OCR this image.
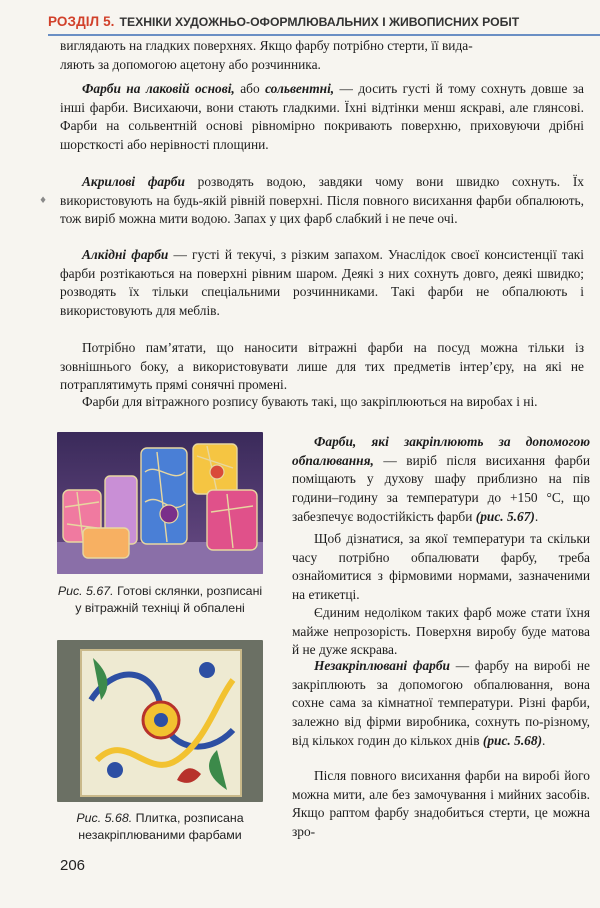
РОЗДІЛ 5. ТЕХНІКИ ХУДОЖНЬО-ОФОРМЛЮВАЛЬНИХ І ЖИВОПИСНИХ РОБІТ
♦

виглядають на гладких поверхнях. Якщо фарбу потрібно стерти, її вида-
ляють за допомогою ацетону або розчинника.

Фарби на лаковій основі, або сольвентні, — досить густі й тому сохнуть довше за інші фарби. Висихаючи, вони стають гладкими. Їхні відтінки менш яскраві, але глянсові. Фарби на сольвентній основі рівномірно покривають поверхню, приховуючи дрібні шорсткості або нерівності площини.

Акрилові фарби розводять водою, завдяки чому вони швидко сохнуть. Їх використовують на будь-якій рівній поверхні. Після повного висихання фарби обпалюють, тож виріб можна мити водою. Запах у цих фарб слабкий і не пече очі.

Алкідні фарби — густі й текучі, з різким запахом. Унаслідок своєї консистенції такі фарби розтікаються на поверхні рівним шаром. Деякі з них сохнуть довго, деякі швидко; розводять їх тільки спеціальними розчинниками. Такі фарби не обпалюють і використовують для меблів.

Потрібно пам’ятати, що наносити вітражні фарби на посуд можна тільки із зовнішнього боку, а використовувати лише для тих предметів інтер’єру, на які не потраплятимуть прямі сонячні промені.

Фарби для вітражного розпису бувають такі, що закріплюються на виробах і ні.

Рис. 5.67. Готові склянки, розписані у вітражній техніці й обпалені

Рис. 5.68. Плитка, розписана незакріплюваними фарбами

Фарби, які закріплюють за допомогою обпалювання, — виріб після висихання фарби поміщають у духову шафу приблизно на пів години–годину за температури до +150 °С, що забезпечує водостійкість фарби (рис. 5.67).

Щоб дізнатися, за якої температури та скільки часу потрібно обпалювати фарбу, треба ознайомитися з фірмовими нормами, зазначеними на етикетці.

Єдиним недоліком таких фарб може стати їхня майже непрозорість. Поверхня виробу буде матова й не дуже яскрава.

Незакріплювані фарби — фарбу на виробі не закріплюють за допомогою обпалювання, вона сохне сама за кімнатної температури. Різні фарби, залежно від фірми виробника, сохнуть по-різному, від кількох годин до кількох днів (рис. 5.68).

Після повного висихання фарби на виробі його можна мити, але без замочування і мийних засобів. Якщо раптом фарбу знадобиться стерти, це можна зро-

206
